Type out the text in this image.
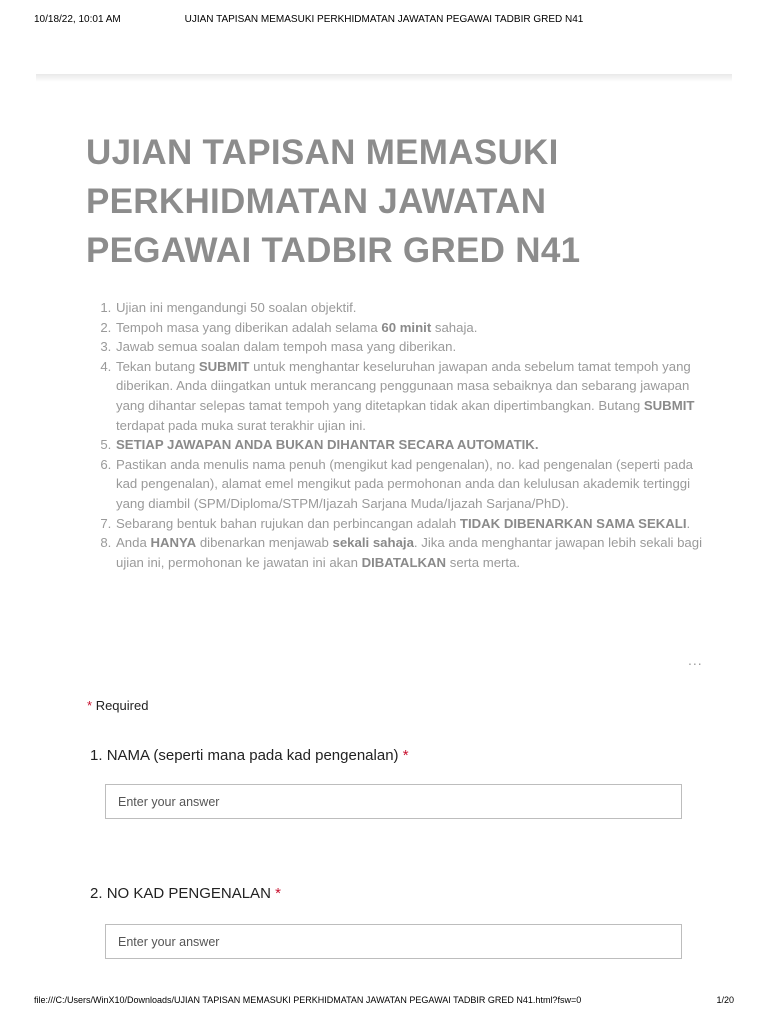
10/18/22, 10:01 AM	UJIAN TAPISAN MEMASUKI PERKHIDMATAN JAWATAN PEGAWAI TADBIR GRED N41
UJIAN TAPISAN MEMASUKI PERKHIDMATAN JAWATAN PEGAWAI TADBIR GRED N41
1. Ujian ini mengandungi 50 soalan objektif.
2. Tempoh masa yang diberikan adalah selama 60 minit sahaja.
3. Jawab semua soalan dalam tempoh masa yang diberikan.
4. Tekan butang SUBMIT untuk menghantar keseluruhan jawapan anda sebelum tamat tempoh yang diberikan. Anda diingatkan untuk merancang penggunaan masa sebaiknya dan sebarang jawapan yang dihantar selepas tamat tempoh yang ditetapkan tidak akan dipertimbangkan. Butang SUBMIT terdapat pada muka surat terakhir ujian ini.
5. SETIAP JAWAPAN ANDA BUKAN DIHANTAR SECARA AUTOMATIK.
6. Pastikan anda menulis nama penuh (mengikut kad pengenalan), no. kad pengenalan (seperti pada kad pengenalan), alamat emel mengikut pada permohonan anda dan kelulusan akademik tertinggi yang diambil (SPM/Diploma/STPM/Ijazah Sarjana Muda/Ijazah Sarjana/PhD).
7. Sebarang bentuk bahan rujukan dan perbincangan adalah TIDAK DIBENARKAN SAMA SEKALI.
8. Anda HANYA dibenarkan menjawab sekali sahaja. Jika anda menghantar jawapan lebih sekali bagi ujian ini, permohonan ke jawatan ini akan DIBATALKAN serta merta.
...
* Required
1. NAMA (seperti mana pada kad pengenalan) *
Enter your answer
2. NO KAD PENGENALAN *
Enter your answer
file:///C:/Users/WinX10/Downloads/UJIAN TAPISAN MEMASUKI PERKHIDMATAN JAWATAN PEGAWAI TADBIR GRED N41.html?fsw=0	1/20
